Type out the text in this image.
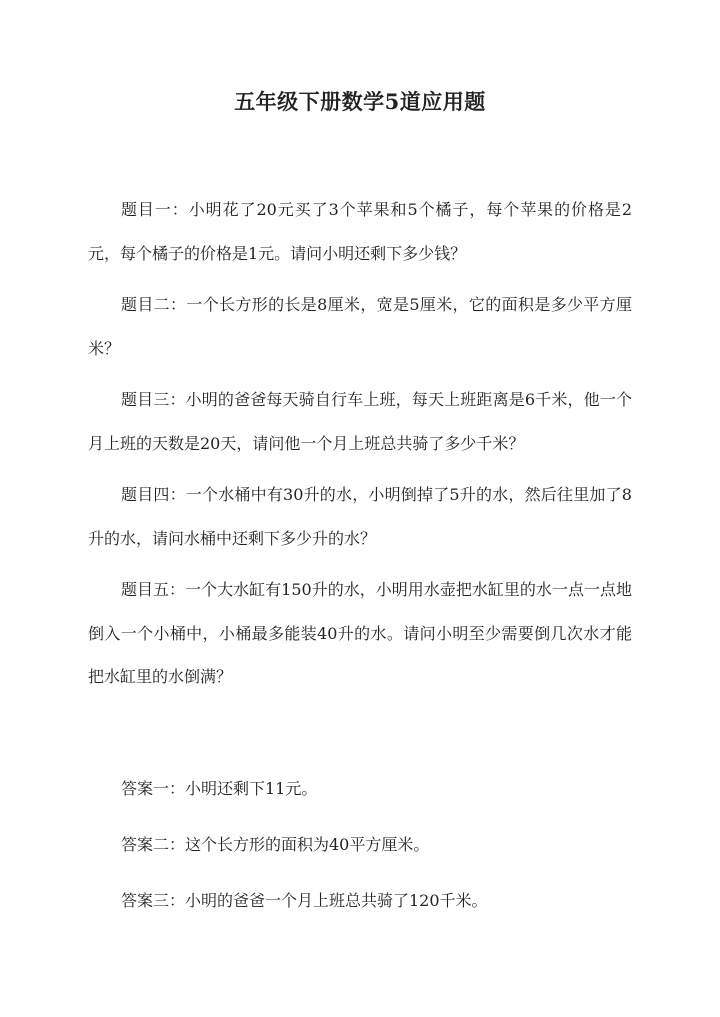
五年级下册数学5道应用题

题目一：小明花了20元买了3个苹果和5个橘子，每个苹果的价格是2元，每个橘子的价格是1元。请问小明还剩下多少钱？

题目二：一个长方形的长是8厘米，宽是5厘米，它的面积是多少平方厘米？

题目三：小明的爸爸每天骑自行车上班，每天上班距离是6千米，他一个月上班的天数是20天，请问他一个月上班总共骑了多少千米？

题目四：一个水桶中有30升的水，小明倒掉了5升的水，然后往里加了8升的水，请问水桶中还剩下多少升的水？

题目五：一个大水缸有150升的水，小明用水壶把水缸里的水一点一点地倒入一个小桶中，小桶最多能装40升的水。请问小明至少需要倒几次水才能把水缸里的水倒满？

答案一：小明还剩下11元。

答案二：这个长方形的面积为40平方厘米。

答案三：小明的爸爸一个月上班总共骑了120千米。
